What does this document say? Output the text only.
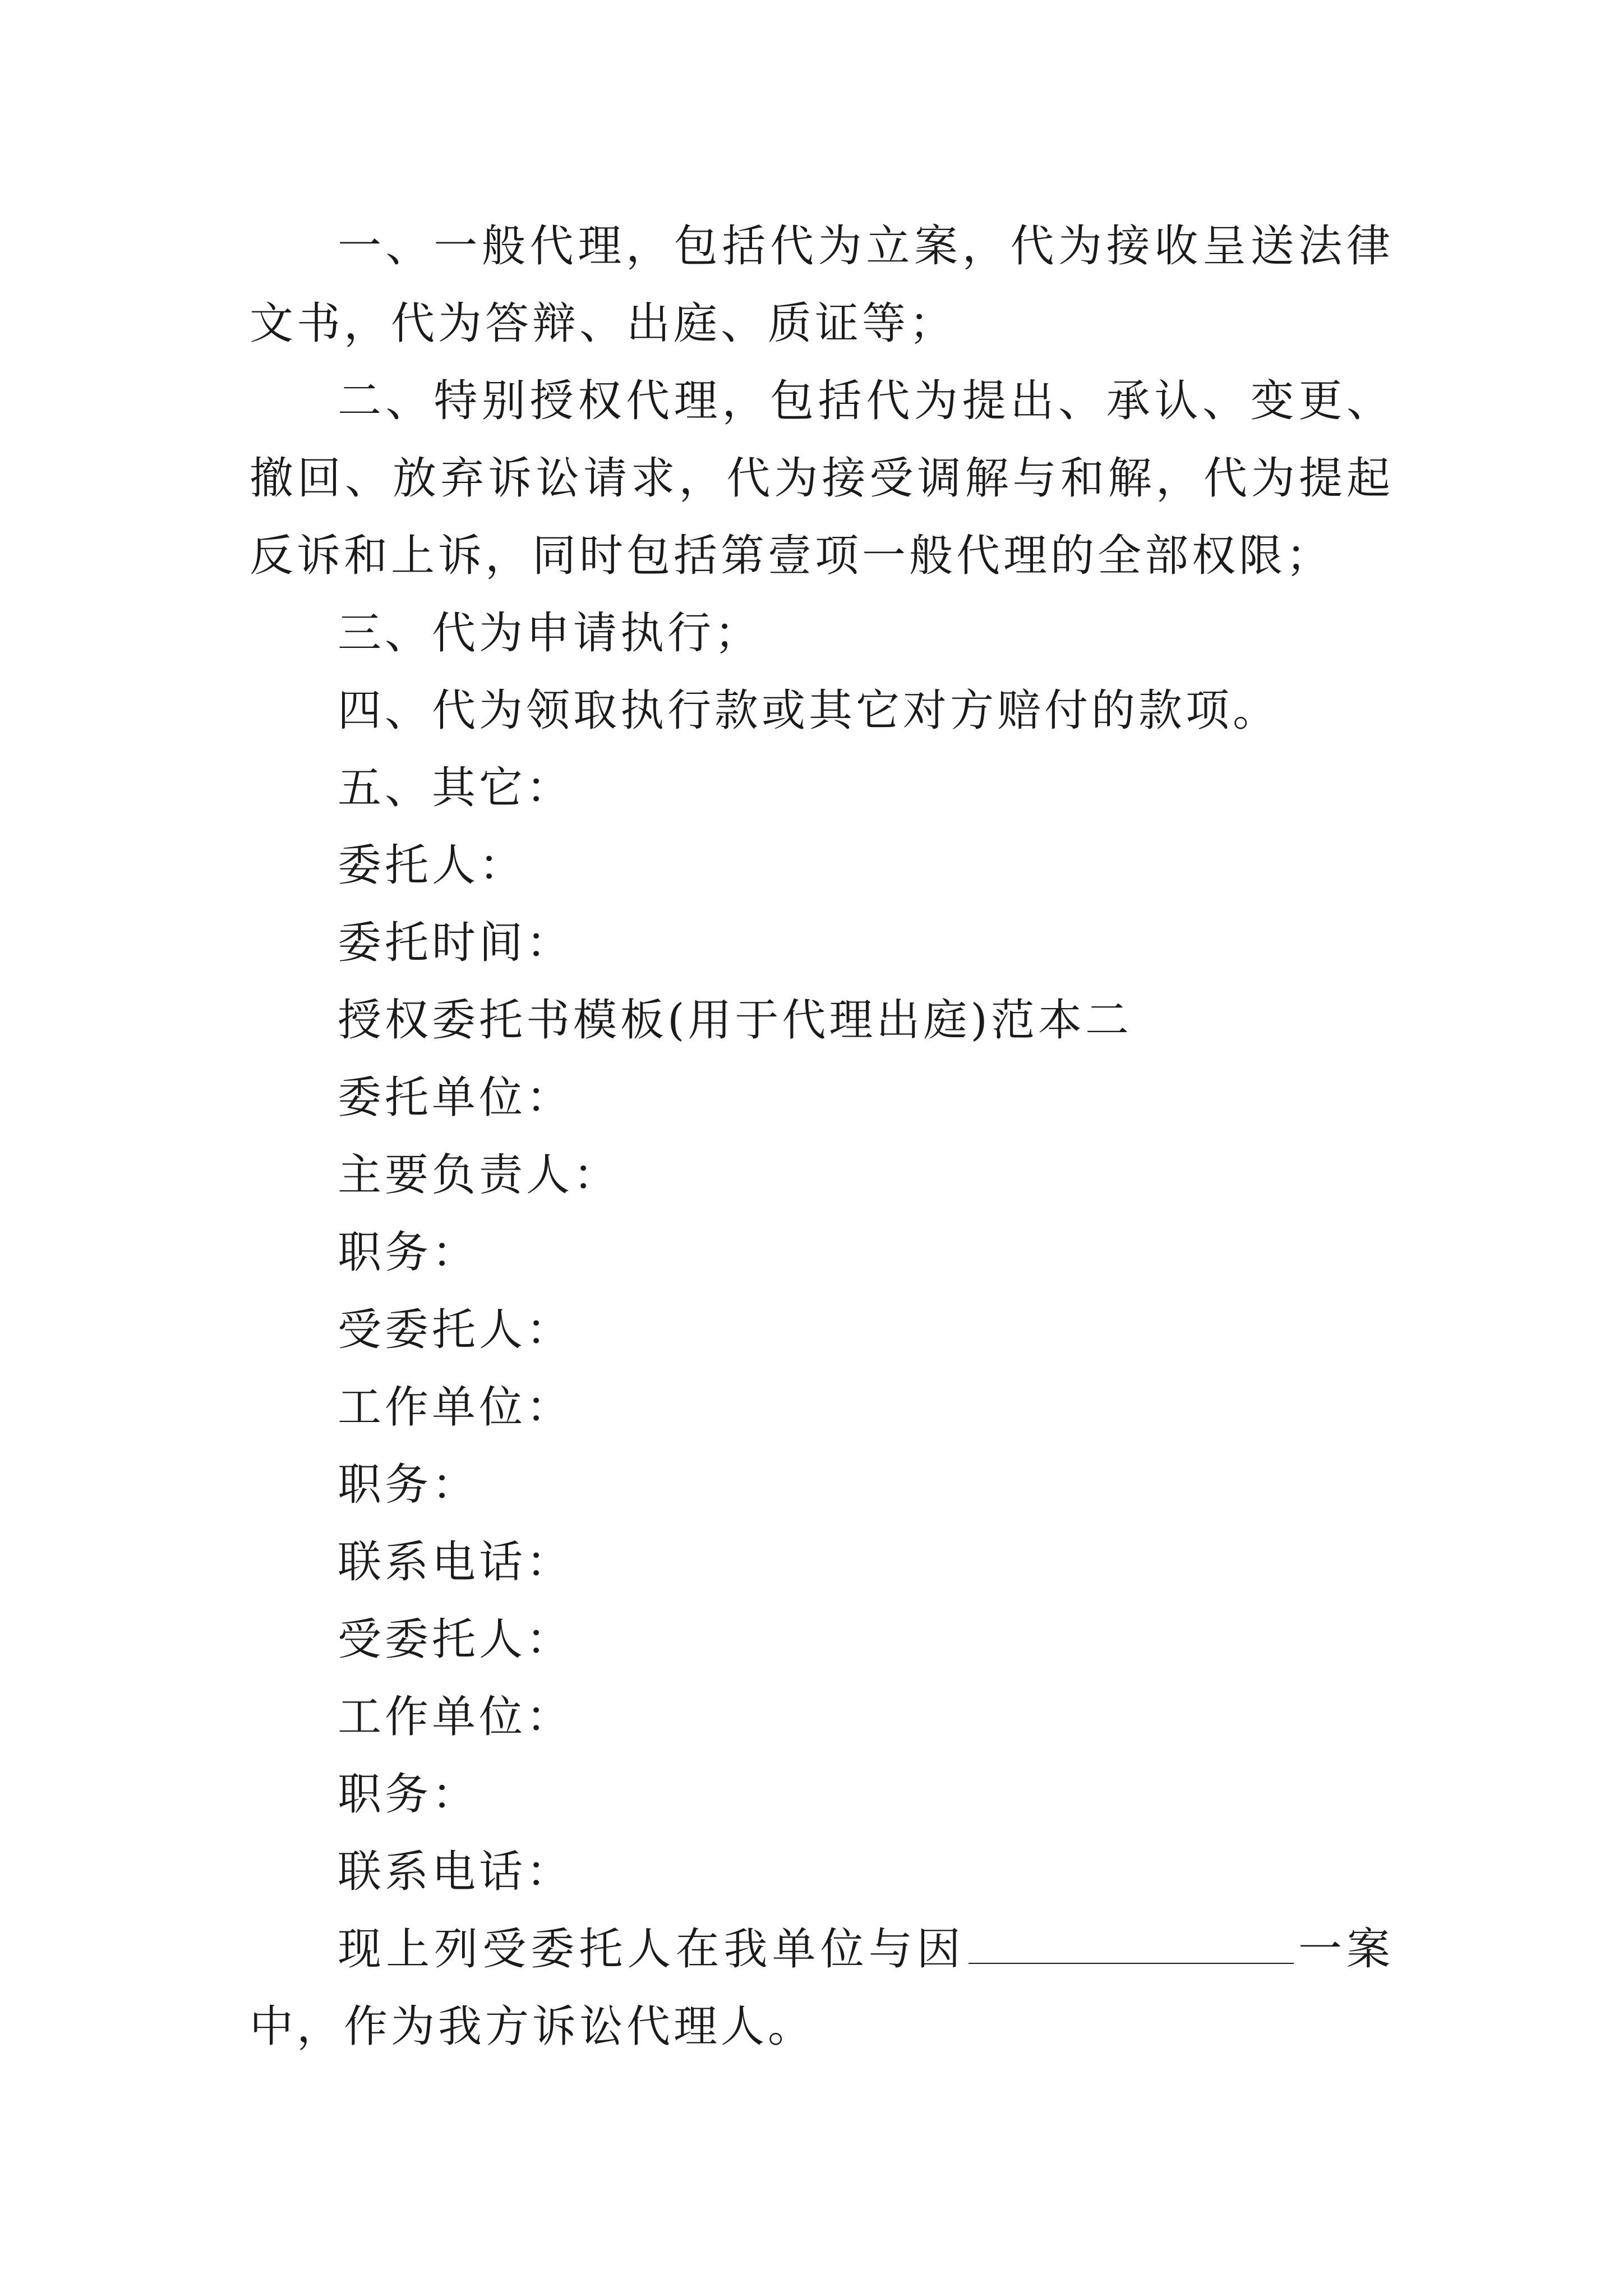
一、一般代理，包括代为立案，代为接收呈送法律文书，代为答辩、出庭、质证等；

二、特别授权代理，包括代为提出、承认、变更、撤回、放弃诉讼请求，代为接受调解与和解，代为提起反诉和上诉，同时包括第壹项一般代理的全部权限；

三、代为申请执行；

四、代为领取执行款或其它对方赔付的款项。

五、其它：

委托人：

委托时间：

授权委托书模板(用于代理出庭)范本二

委托单位：

主要负责人：

职务：

受委托人：

工作单位：

职务：

联系电话：

受委托人：

工作单位：

职务：

联系电话：

现上列受委托人在我单位与因	一案中，作为我方诉讼代理人。
